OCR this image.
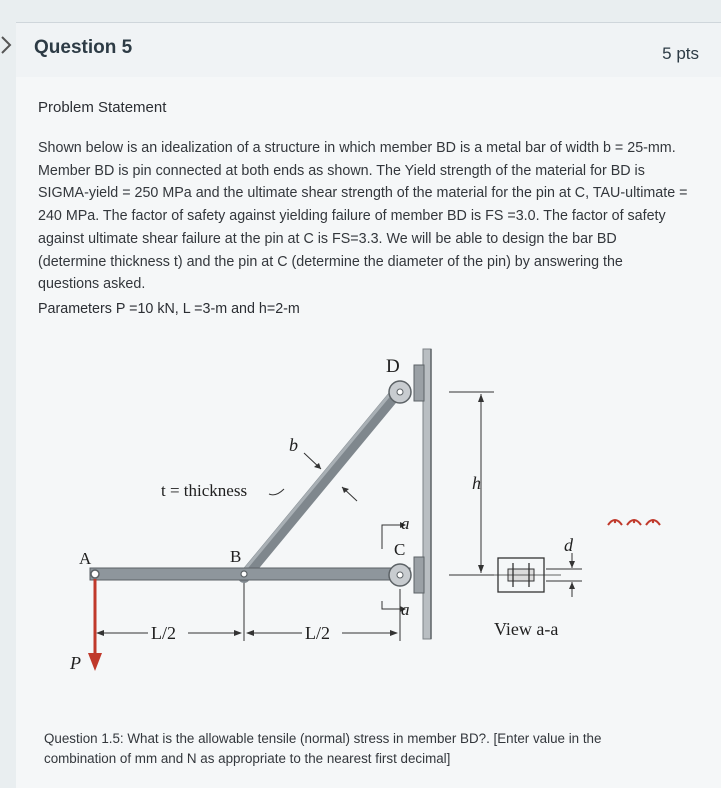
Question 5	5 pts
Problem Statement
Shown below is an idealization of a structure in which member BD is a metal bar of width b = 25-mm. Member BD is pin connected at both ends as shown. The Yield strength of the material for BD is SIGMA-yield = 250 MPa and the ultimate shear strength of the material for the pin at C, TAU-ultimate = 240 MPa. The factor of safety against yielding failure of member BD is FS =3.0. The factor of safety against ultimate shear failure at the pin at C is FS=3.3. We will be able to design the bar BD (determine thickness t) and the pin at C (determine the diameter of the pin) by answering the questions asked.
Parameters P =10 kN, L =3-m and h=2-m
D
C
a
a
A	B
t = thickness
b
h
d
View a-a
L/2	L/2
P
Question 1.5: What is the allowable tensile (normal) stress in member BD?. [Enter value in the combination of mm and N as appropriate to the nearest first decimal]
